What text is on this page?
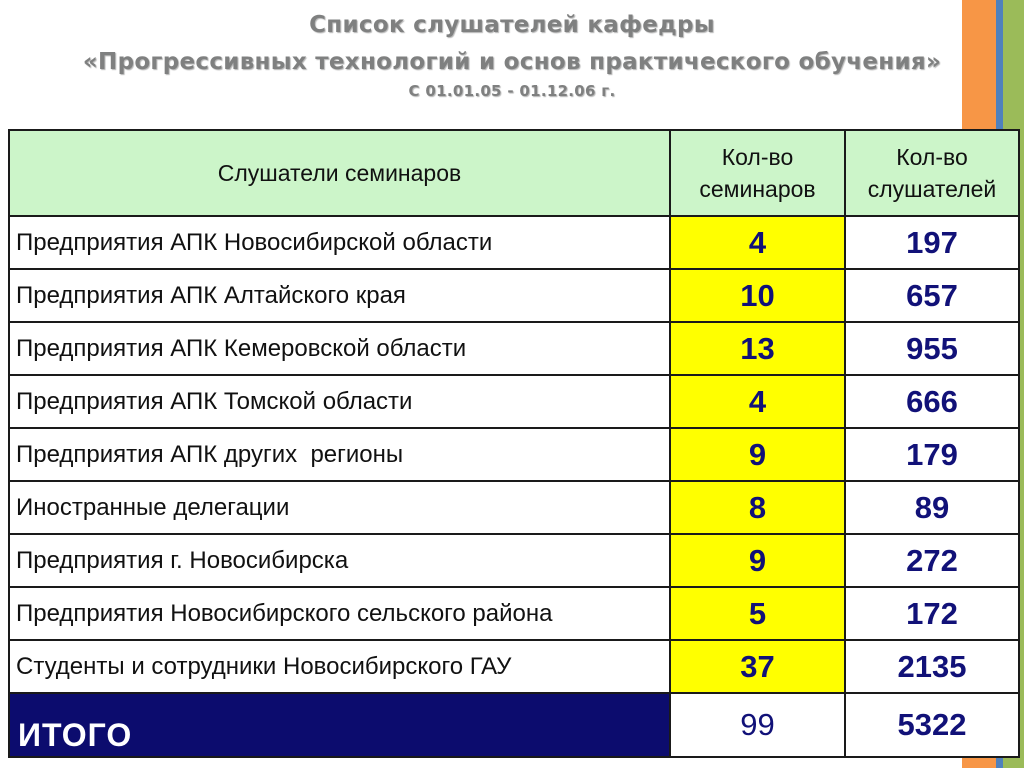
Список слушателей кафедры
«Прогрессивных технологий и основ практического обучения»
С 01.01.05 - 01.12.06 г.
Слушатели семинаров	Кол-во семинаров	Кол-во слушателей
Предприятия АПК Новосибирской области	4	197
Предприятия АПК Алтайского края	10	657
Предприятия АПК Кемеровской области	13	955
Предприятия АПК Томской области	4	666
Предприятия АПК других  регионы	9	179
Иностранные делегации	8	89
Предприятия г. Новосибирска	9	272
Предприятия Новосибирского сельского района	5	172
Студенты и сотрудники Новосибирского ГАУ	37	2135
ИТОГО	99	5322
